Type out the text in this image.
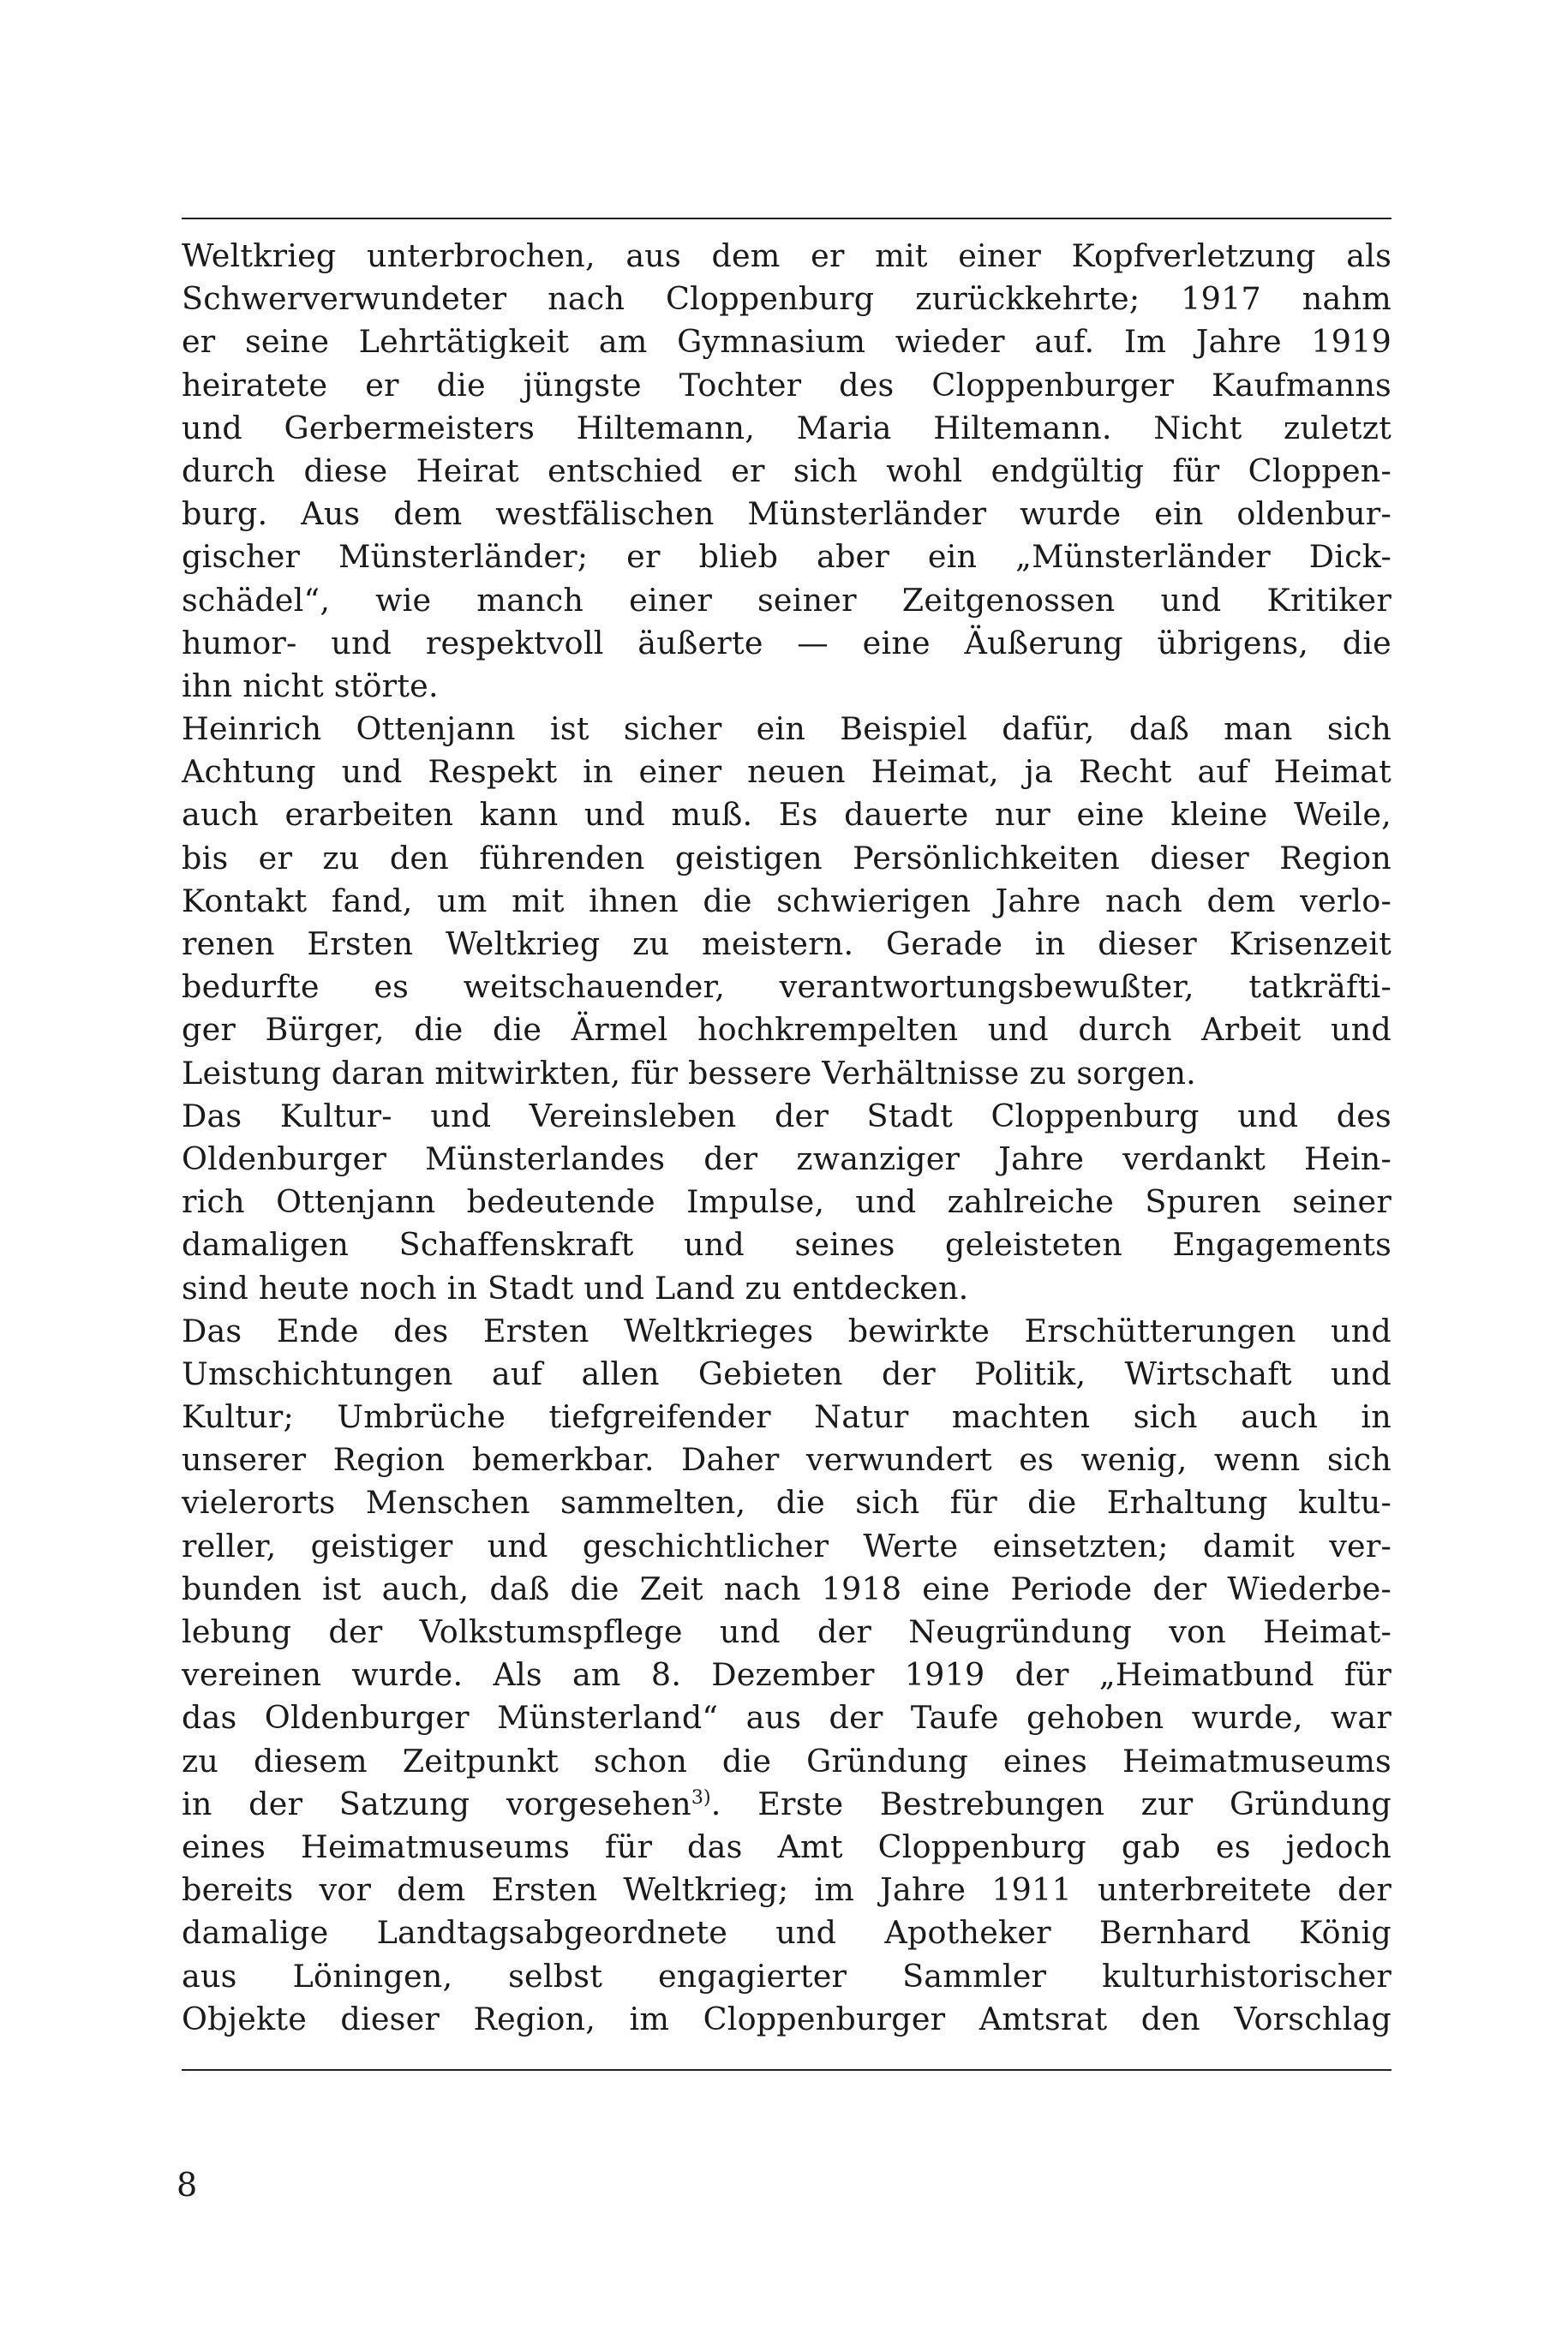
Weltkrieg unterbrochen, aus dem er mit einer Kopfverletzung als
Schwerverwundeter nach Cloppenburg zurückkehrte; 1917 nahm
er seine Lehrtätigkeit am Gymnasium wieder auf. Im Jahre 1919
heiratete er die jüngste Tochter des Cloppenburger Kaufmanns
und Gerbermeisters Hiltemann, Maria Hiltemann. Nicht zuletzt
durch diese Heirat entschied er sich wohl endgültig für Cloppen-
burg. Aus dem westfälischen Münsterländer wurde ein oldenbur-
gischer Münsterländer; er blieb aber ein „Münsterländer Dick-
schädel“, wie manch einer seiner Zeitgenossen und Kritiker
humor- und respektvoll äußerte — eine Äußerung übrigens, die
ihn nicht störte.
Heinrich Ottenjann ist sicher ein Beispiel dafür, daß man sich
Achtung und Respekt in einer neuen Heimat, ja Recht auf Heimat
auch erarbeiten kann und muß. Es dauerte nur eine kleine Weile,
bis er zu den führenden geistigen Persönlichkeiten dieser Region
Kontakt fand, um mit ihnen die schwierigen Jahre nach dem verlo-
renen Ersten Weltkrieg zu meistern. Gerade in dieser Krisenzeit
bedurfte es weitschauender, verantwortungsbewußter, tatkräfti-
ger Bürger, die die Ärmel hochkrempelten und durch Arbeit und
Leistung daran mitwirkten, für bessere Verhältnisse zu sorgen.
Das Kultur- und Vereinsleben der Stadt Cloppenburg und des
Oldenburger Münsterlandes der zwanziger Jahre verdankt Hein-
rich Ottenjann bedeutende Impulse, und zahlreiche Spuren seiner
damaligen Schaffenskraft und seines geleisteten Engagements
sind heute noch in Stadt und Land zu entdecken.
Das Ende des Ersten Weltkrieges bewirkte Erschütterungen und
Umschichtungen auf allen Gebieten der Politik, Wirtschaft und
Kultur; Umbrüche tiefgreifender Natur machten sich auch in
unserer Region bemerkbar. Daher verwundert es wenig, wenn sich
vielerorts Menschen sammelten, die sich für die Erhaltung kultu-
reller, geistiger und geschichtlicher Werte einsetzten; damit ver-
bunden ist auch, daß die Zeit nach 1918 eine Periode der Wiederbe-
lebung der Volkstumspflege und der Neugründung von Heimat-
vereinen wurde. Als am 8. Dezember 1919 der „Heimatbund für
das Oldenburger Münsterland“ aus der Taufe gehoben wurde, war
zu diesem Zeitpunkt schon die Gründung eines Heimatmuseums
in der Satzung vorgesehen$^{3)}$. Erste Bestrebungen zur Gründung
eines Heimatmuseums für das Amt Cloppenburg gab es jedoch
bereits vor dem Ersten Weltkrieg; im Jahre 1911 unterbreitete der
damalige Landtagsabgeordnete und Apotheker Bernhard König
aus Löningen, selbst engagierter Sammler kulturhistorischer
Objekte dieser Region, im Cloppenburger Amtsrat den Vorschlag
8
